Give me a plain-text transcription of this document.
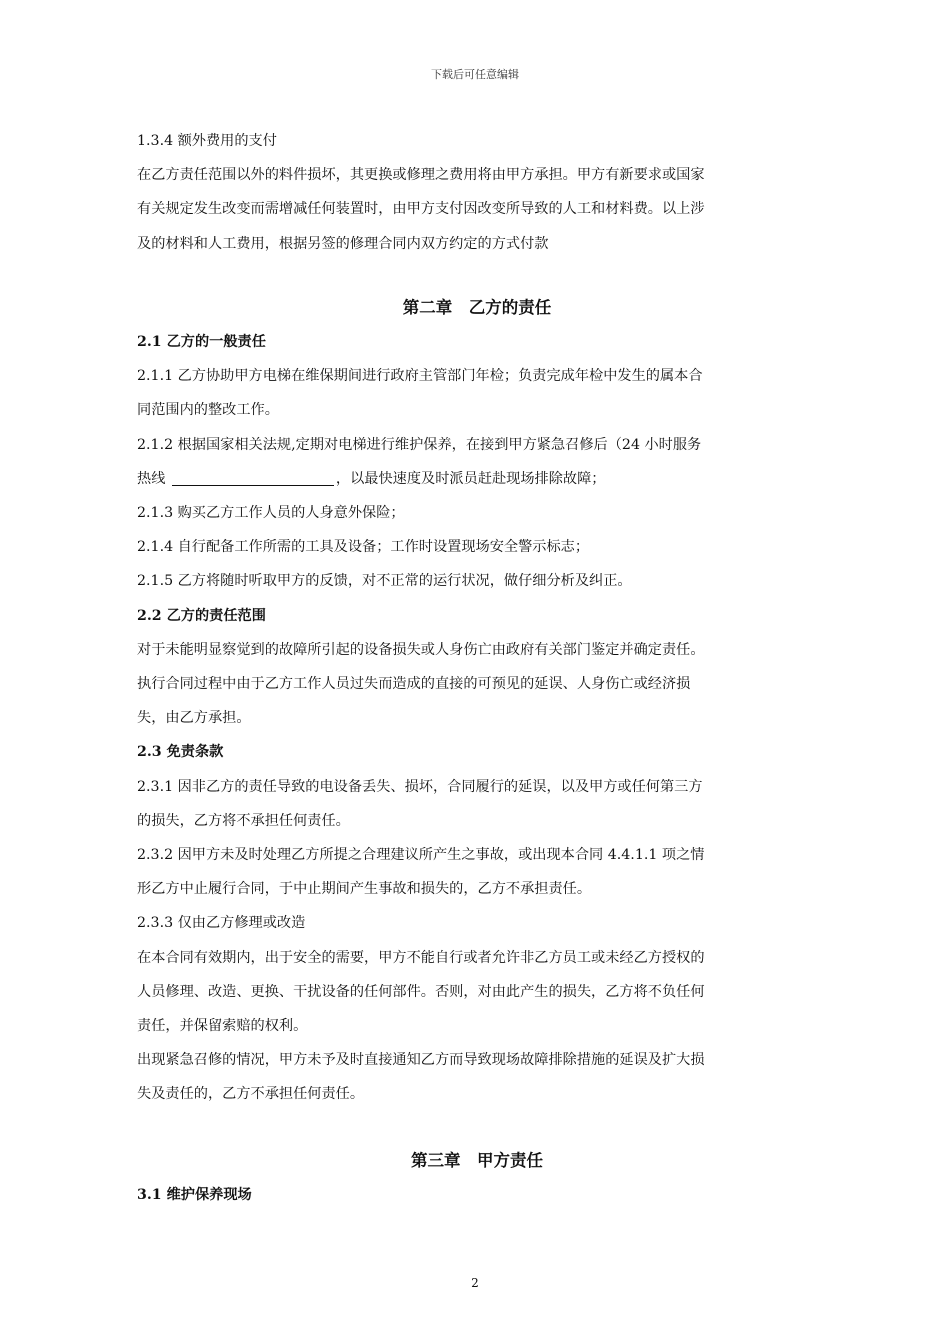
下载后可任意编辑

1.3.4 额外费用的支付

在乙方责任范围以外的料件损坏，其更换或修理之费用将由甲方承担。甲方有新要求或国家

有关规定发生改变而需增减任何装置时，由甲方支付因改变所导致的人工和材料费。以上涉

及的材料和人工费用，根据另签的修理合同内双方约定的方式付款

第二章　乙方的责任

2.1 乙方的一般责任

2.1.1 乙方协助甲方电梯在维保期间进行政府主管部门年检；负责完成年检中发生的属本合

同范围内的整改工作。

2.1.2 根据国家相关法规,定期对电梯进行维护保养，在接到甲方紧急召修后（24 小时服务

热线	，以最快速度及时派员赶赴现场排除故障；

2.1.3 购买乙方工作人员的人身意外保险；

2.1.4 自行配备工作所需的工具及设备；工作时设置现场安全警示标志；

2.1.5 乙方将随时听取甲方的反馈，对不正常的运行状况，做仔细分析及纠正。

2.2 乙方的责任范围

对于未能明显察觉到的故障所引起的设备损失或人身伤亡由政府有关部门鉴定并确定责任。

执行合同过程中由于乙方工作人员过失而造成的直接的可预见的延误、人身伤亡或经济损

失，由乙方承担。

2.3 免责条款

2.3.1 因非乙方的责任导致的电设备丢失、损坏，合同履行的延误，以及甲方或任何第三方

的损失，乙方将不承担任何责任。

2.3.2 因甲方未及时处理乙方所提之合理建议所产生之事故，或出现本合同 4.4.1.1 项之情

形乙方中止履行合同，于中止期间产生事故和损失的，乙方不承担责任。

2.3.3 仅由乙方修理或改造

在本合同有效期内，出于安全的需要，甲方不能自行或者允许非乙方员工或未经乙方授权的

人员修理、改造、更换、干扰设备的任何部件。否则，对由此产生的损失，乙方将不负任何

责任，并保留索赔的权利。

出现紧急召修的情况，甲方未予及时直接通知乙方而导致现场故障排除措施的延误及扩大损

失及责任的，乙方不承担任何责任。

第三章　甲方责任

3.1 维护保养现场

2
